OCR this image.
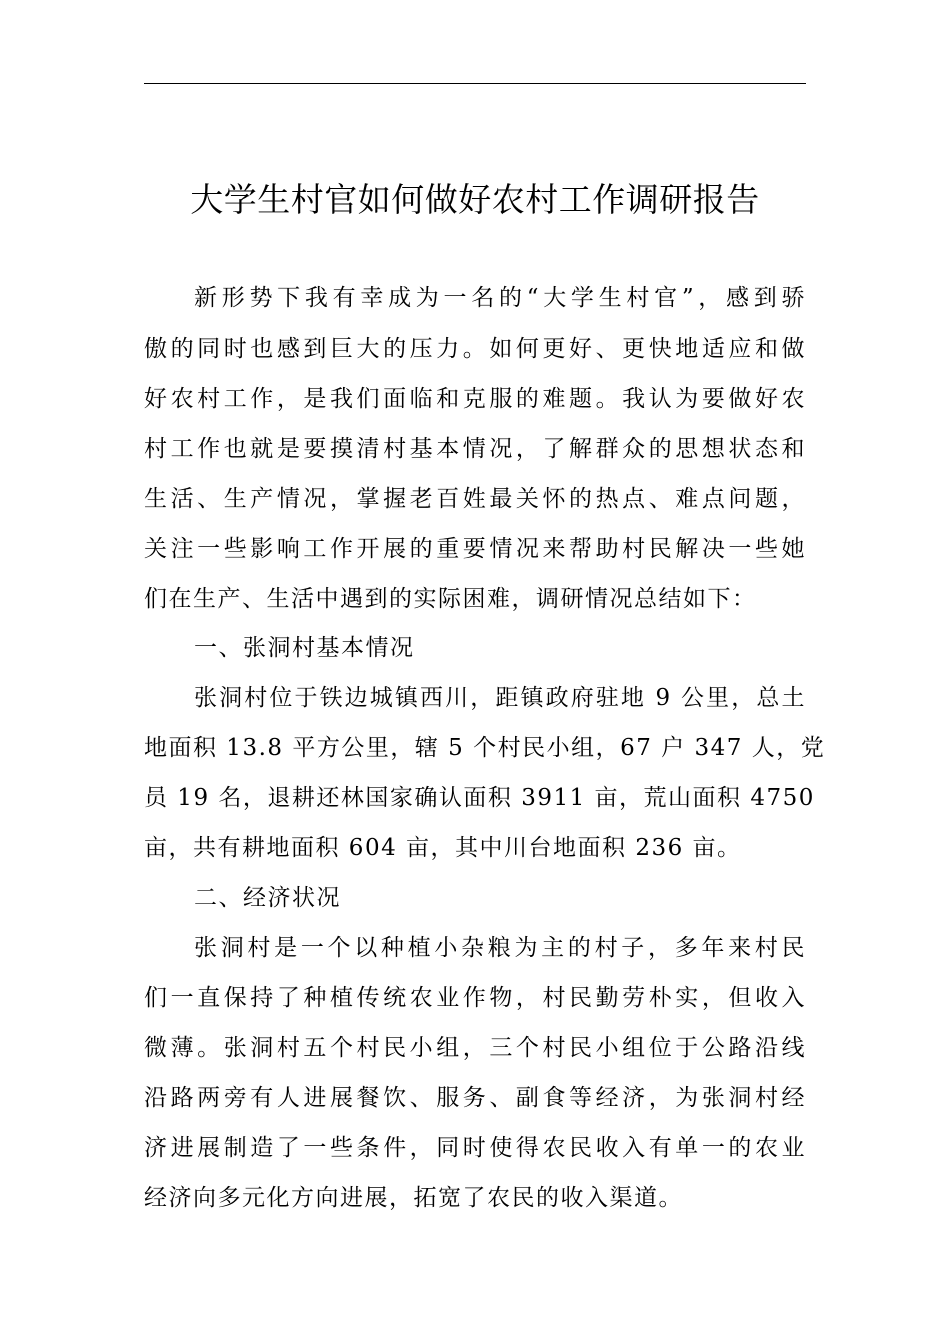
大学生村官如何做好农村工作调研报告
新形势下我有幸成为一名的“大学生村官”，感到骄
傲的同时也感到巨大的压力。如何更好、更快地适应和做
好农村工作，是我们面临和克服的难题。我认为要做好农
村工作也就是要摸清村基本情况，了解群众的思想状态和
生活、生产情况，掌握老百姓最关怀的热点、难点问题，
关注一些影响工作开展的重要情况来帮助村民解决一些她
们在生产、生活中遇到的实际困难，调研情况总结如下：
一、张洞村基本情况
张洞村位于铁边城镇西川，距镇政府驻地 9 公里，总土
地面积 13.8 平方公里，辖 5 个村民小组，67 户 347 人，党
员 19 名，退耕还林国家确认面积 3911 亩，荒山面积 4750
亩，共有耕地面积 604 亩，其中川台地面积 236 亩。
二、经济状况
张洞村是一个以种植小杂粮为主的村子，多年来村民
们一直保持了种植传统农业作物，村民勤劳朴实，但收入
微薄。张洞村五个村民小组，三个村民小组位于公路沿线
沿路两旁有人进展餐饮、服务、副食等经济，为张洞村经
济进展制造了一些条件，同时使得农民收入有单一的农业
经济向多元化方向进展，拓宽了农民的收入渠道。
